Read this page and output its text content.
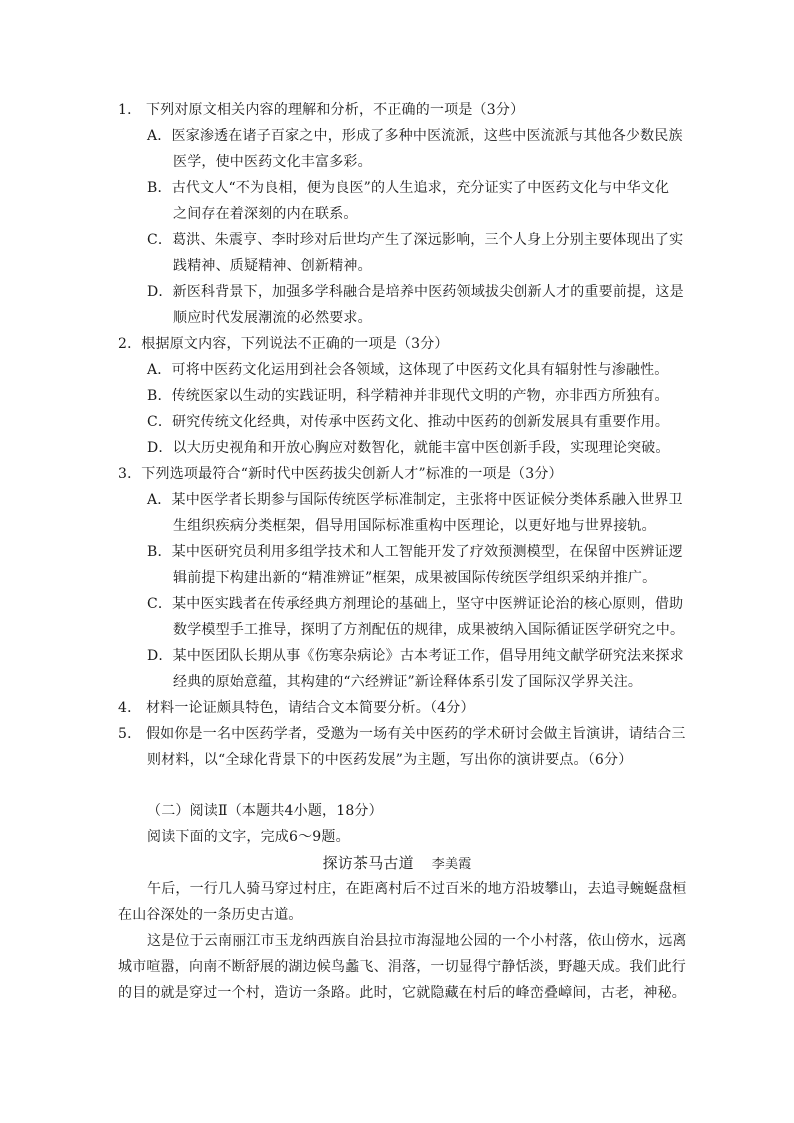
1． 下列对原文相关内容的理解和分析，不正确的一项是（3分）
A．医家渗透在诸子百家之中，形成了多种中医流派，这些中医流派与其他各少数民族
医学，使中医药文化丰富多彩。
B．古代文人“不为良相，便为良医”的人生追求，充分证实了中医药文化与中华文化
之间存在着深刻的内在联系。
C．葛洪、朱震亨、李时珍对后世均产生了深远影响，三个人身上分别主要体现出了实
践精神、质疑精神、创新精神。
D．新医科背景下，加强多学科融合是培养中医药领域拔尖创新人才的重要前提，这是
顺应时代发展潮流的必然要求。
2．根据原文内容，下列说法不正确的一项是（3分）
A．可将中医药文化运用到社会各领域，这体现了中医药文化具有辐射性与渗融性。
B．传统医家以生动的实践证明，科学精神并非现代文明的产物，亦非西方所独有。
C．研究传统文化经典，对传承中医药文化、推动中医药的创新发展具有重要作用。
D．以大历史视角和开放心胸应对数智化，就能丰富中医创新手段，实现理论突破。
3．下列选项最符合“新时代中医药拔尖创新人才”标准的一项是（3分）
A．某中医学者长期参与国际传统医学标准制定，主张将中医证候分类体系融入世界卫
生组织疾病分类框架，倡导用国际标准重构中医理论，以更好地与世界接轨。
B．某中医研究员利用多组学技术和人工智能开发了疗效预测模型，在保留中医辨证逻
辑前提下构建出新的“精准辨证”框架，成果被国际传统医学组织采纳并推广。
C．某中医实践者在传承经典方剂理论的基础上，坚守中医辨证论治的核心原则，借助
数学模型手工推导，探明了方剂配伍的规律，成果被纳入国际循证医学研究之中。
D．某中医团队长期从事《伤寒杂病论》古本考证工作，倡导用纯文献学研究法来探求
经典的原始意蕴，其构建的“六经辨证”新诠释体系引发了国际汉学界关注。
4． 材料一论证颇具特色，请结合文本简要分析。（4分）
5． 假如你是一名中医药学者，受邀为一场有关中医药的学术研讨会做主旨演讲，请结合三
则材料，以“全球化背景下的中医药发展”为主题，写出你的演讲要点。（6分）
（二）阅读Ⅱ（本题共4小题，18分）
阅读下面的文字，完成6～9题。
探访茶马古道 李美霞
午后，一行几人骑马穿过村庄，在距离村后不过百米的地方沿坡攀山，去追寻蜿蜒盘桓
在山谷深处的一条历史古道。
这是位于云南丽江市玉龙纳西族自治县拉市海湿地公园的一个小村落，依山傍水，远离
城市喧嚣，向南不断舒展的湖边候鸟蠡飞、涓落，一切显得宁静恬淡，野趣天成。我们此行
的目的就是穿过一个村，造访一条路。此时，它就隐藏在村后的峰峦叠嶂间，古老，神秘。
